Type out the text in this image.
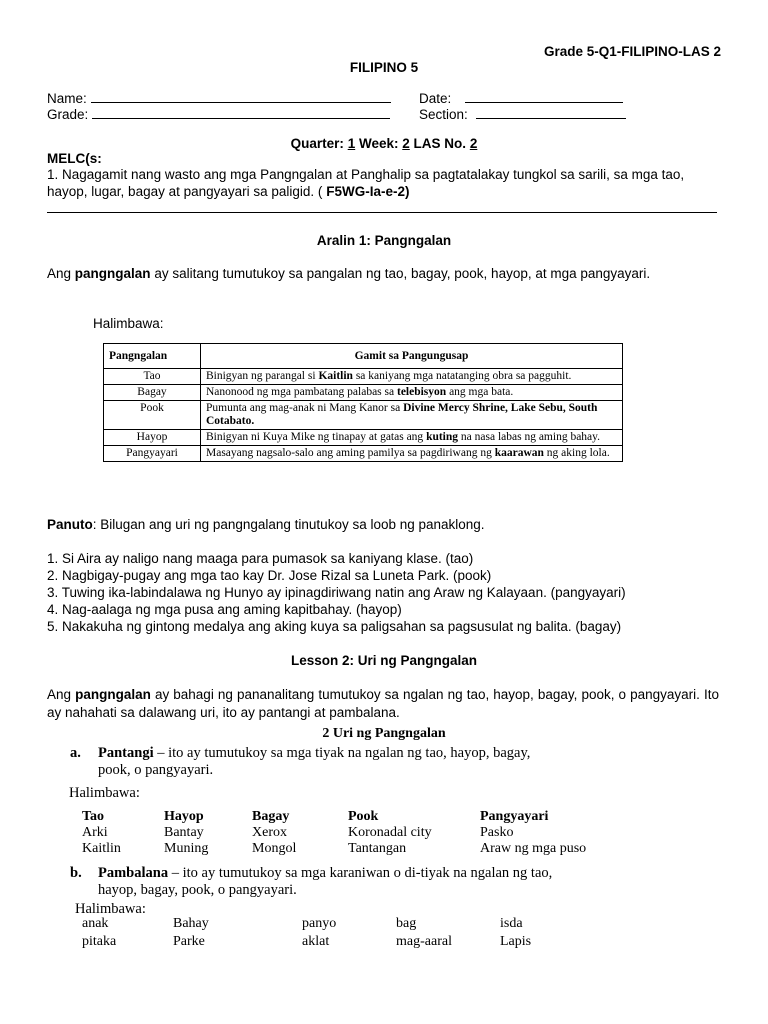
Grade 5-Q1-FILIPINO-LAS 2
FILIPINO 5
Name:
Grade:
Date:
Section:
Quarter: 1 Week: 2 LAS No. 2
MELC(s:
1. Nagagamit nang wasto ang mga Pangngalan at Panghalip sa pagtatalakay tungkol sa sarili, sa mga tao, hayop, lugar, bagay at pangyayari sa paligid. ( F5WG-Ia-e-2)
Aralin 1: Pangngalan
Ang pangngalan ay salitang tumutukoy sa pangalan ng tao, bagay, pook, hayop, at mga pangyayari.
Halimbawa:
Pangngalan	Gamit sa Pangungusap
Tao	Binigyan ng parangal si Kaitlin sa kaniyang mga natatanging obra sa pagguhit.
Bagay	Nanonood ng mga pambatang palabas sa telebisyon ang mga bata.
Pook	Pumunta ang mag-anak ni Mang Kanor sa Divine Mercy Shrine, Lake Sebu, South Cotabato.
Hayop	Binigyan ni Kuya Mike ng tinapay at gatas ang kuting na nasa labas ng aming bahay.
Pangyayari	Masayang nagsalo-salo ang aming pamilya sa pagdiriwang ng kaarawan ng aking lola.
Panuto: Bilugan ang uri ng pangngalang tinutukoy sa loob ng panaklong.
1. Si Aira ay naligo nang maaga para pumasok sa kaniyang klase. (tao)
2. Nagbigay-pugay ang mga tao kay Dr. Jose Rizal sa Luneta Park. (pook)
3. Tuwing ika-labindalawa ng Hunyo ay ipinagdiriwang natin ang Araw ng Kalayaan. (pangyayari)
4. Nag-aalaga ng mga pusa ang aming kapitbahay. (hayop)
5. Nakakuha ng gintong medalya ang aking kuya sa paligsahan sa pagsusulat ng balita. (bagay)
Lesson 2: Uri ng Pangngalan
Ang pangngalan ay bahagi ng pananalitang tumutukoy sa ngalan ng tao, hayop, bagay, pook, o pangyayari. Ito ay nahahati sa dalawang uri, ito ay pantangi at pambalana.
2 Uri ng Pangngalan
a. Pantangi – ito ay tumutukoy sa mga tiyak na ngalan ng tao, hayop, bagay,
pook, o pangyayari.
Halimbawa:
Tao	Hayop	Bagay	Pook	Pangyayari
Arki	Bantay	Xerox	Koronadal city	Pasko
Kaitlin	Muning	Mongol	Tantangan	Araw ng mga puso
b. Pambalana – ito ay tumutukoy sa mga karaniwan o di-tiyak na ngalan ng tao,
hayop, bagay, pook, o pangyayari.
Halimbawa:
anak	Bahay	panyo	bag	isda
pitaka	Parke	aklat	mag-aaral	Lapis
